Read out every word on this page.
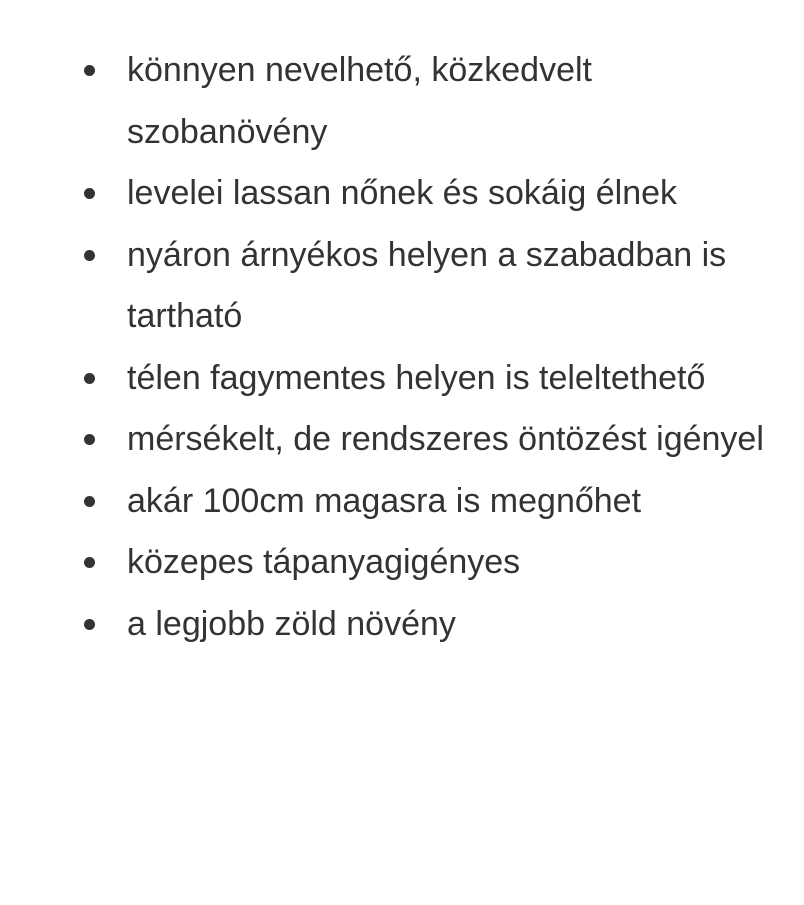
könnyen nevelhető, közkedvelt szobanövény
levelei lassan nőnek és sokáig élnek
nyáron árnyékos helyen a szabadban is tartható
télen fagymentes helyen is teleltethető
mérsékelt, de rendszeres öntözést igényel
akár 100cm magasra is megnőhet
közepes tápanyagigényes
a legjobb zöld növény
